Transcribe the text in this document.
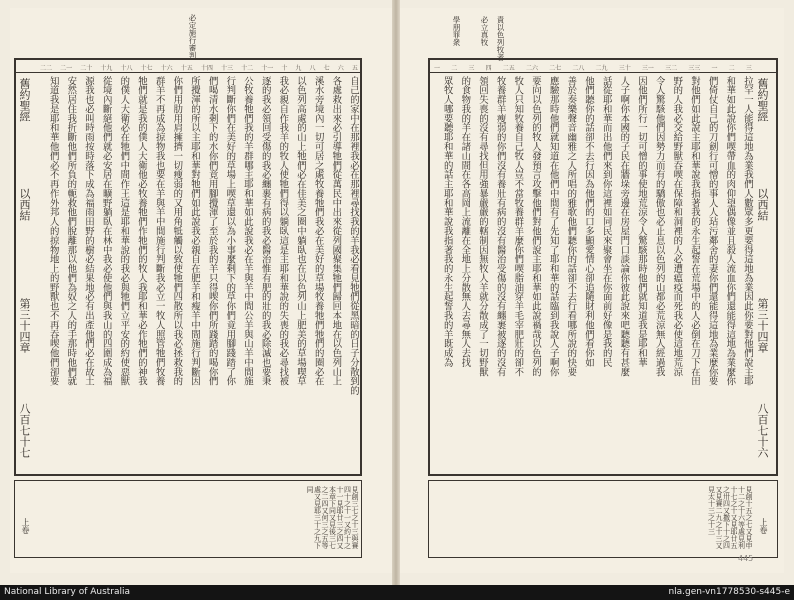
必定施行審判
二二 二一 二十 十九 十八 十七 十六 十五 十四 十三 十二 十一 十 九 八 七 六 五
自己的家中在那裡我必在那裡尋找我的羊我必看見牠們從黑暗的日子分散到的
各處救出來必引導牠們從萬民中出來從列國聚集牠們歸回本地在以色列山上
溪水旁境內一切可居之處牧養牠們我必在美好的草場牧養牠們牠們的圈必在
以色列高處的山上牠們必在佳美之圈中躺臥也在以色列山上肥美的草場喫草
我必親自作我羊的牧人使牠們得以躺臥這是主耶和華說的失喪的我必尋找被
逐的我必領回受傷的我必纏裹有病的我必醫治惟有肥的壯的我必除滅也要秉
公牧養牠們我的羊群哪主耶和華如此說我必在羊與羊中間公羊與山羊中間施
行判斷你們在美好的草場上喫草還以為小事麼剩下的草你們竟用腳踐踏了你
們喝清水剩下的水你們竟用腳攪渾了至於我的羊只得喫你們所踐踏的喝你們
所攪渾的所以主耶和華對牠們如此說我必親自在肥羊和瘦羊中間施行判斷因
你們用肋用肩擁擠一切瘦弱的又用角牴觸以致使牠們四散所以我必拯救我的
群羊不再成為掠物我也要在羊與羊中間施行判斷我必立一牧人照管牠們牧養
牠們就是我的僕人大衛他必牧養牠們作牠們的牧人我耶和華必作牠們的神我
的僕人大衛必在牠們中間作王這是耶和華說的我必與牠們立平安的約使惡獸
從境內斷絕他們就必安居在曠野躺臥在林中我必使他們與我山的四圍成為福
源我也必叫時雨按時落下成為福雨田野的樹必結果地必有出產他們必在故土
安然居住我折斷他們所負的軛救他們脫離那以他們為奴之人的手那時他們就
知道我是耶和華他們必不再作外邦人的掠物地上的野獸也不再吞喫他們卻要
舊約聖經
以西結
第三十四章
八百七十七
見創三七之十三與賽四十之十一又約十之十一見耶廿三之四又本章下同又見後三七之二四又何三之五等處又見耶三十之九下同
上卷
責以色列牧者
必立真牧
學朋罪衆
一 二 三 四 二五 二六 二七 二八 二九 三十 三一 三二 三三 一 二 三
拉罕一人能得這地為業我們人數眾多更要得這地為業因此你要對他們說主耶
和華如此說你們喫帶血的肉仰望偶像並且殺人流血你們還能得這地為業麼你
們倚仗自己的刀劍行可憎的事人人玷污鄰舍的妻你們還能得這地為業麼你要
對他們如此說主耶和華說我指著我的永生起誓在荒場中的人必倒在刀下在田
野的人我必交給野獸吞喫在保障和洞裡的人必遭瘟疫而死我必使這地荒涼
令人驚駭他們因勢力而有的驕傲也必止息以色列的山都必荒涼無人經過我
因他們所行一切可憎的事使地荒涼令人驚駭那時他們就知道我是耶和華
人子啊你本國的子民在牆垛旁邊在房屋門口談論你彼此說來吧聽聽有甚麼
話從耶和華而出他們來到你這裡如同民來聚會坐在你面前好像是我的民
他們聽你的話卻不去行因為他們的口多顯愛情心卻追隨財利他們看你如
善於奏樂聲音幽雅之人所唱的雅歌他們聽你的話卻不去行看哪所說的快要
應驗那時他們就知道在他們中間有了先知了耶和華的話臨到我說人子啊你
要向以色列的牧人發預言攻擊他們對他們說主耶和華如此說禍哉以色列的
牧人只知牧養自己牧人豈不當牧養群羊麼你們喫脂油穿羊毛宰肥壯的卻不
牧養群羊瘦弱的你們沒有養壯有病的沒有醫治受傷的沒有纏裹被逐的沒有
領回失喪的沒有尋找但用強暴嚴嚴的轄制因無牧人羊就分散成了一切野獸
的食物我的羊在諸山間在各高岡上流離在全地上分散無人去尋無人去找
眾牧人哪要聽耶和華的話主耶和華說我指著我的永生起誓我的羊既成為	舊約聖經
以西結
第三十四章
八百七十六
見創十五之七又見申十二之十六等處見利十七之十又見耶廿五之卅四又撒下十之四又見賽二九之十三又見太十三之十三	上卷
445
National Library of Australia	nla.gen-vn1778530-s445-e
